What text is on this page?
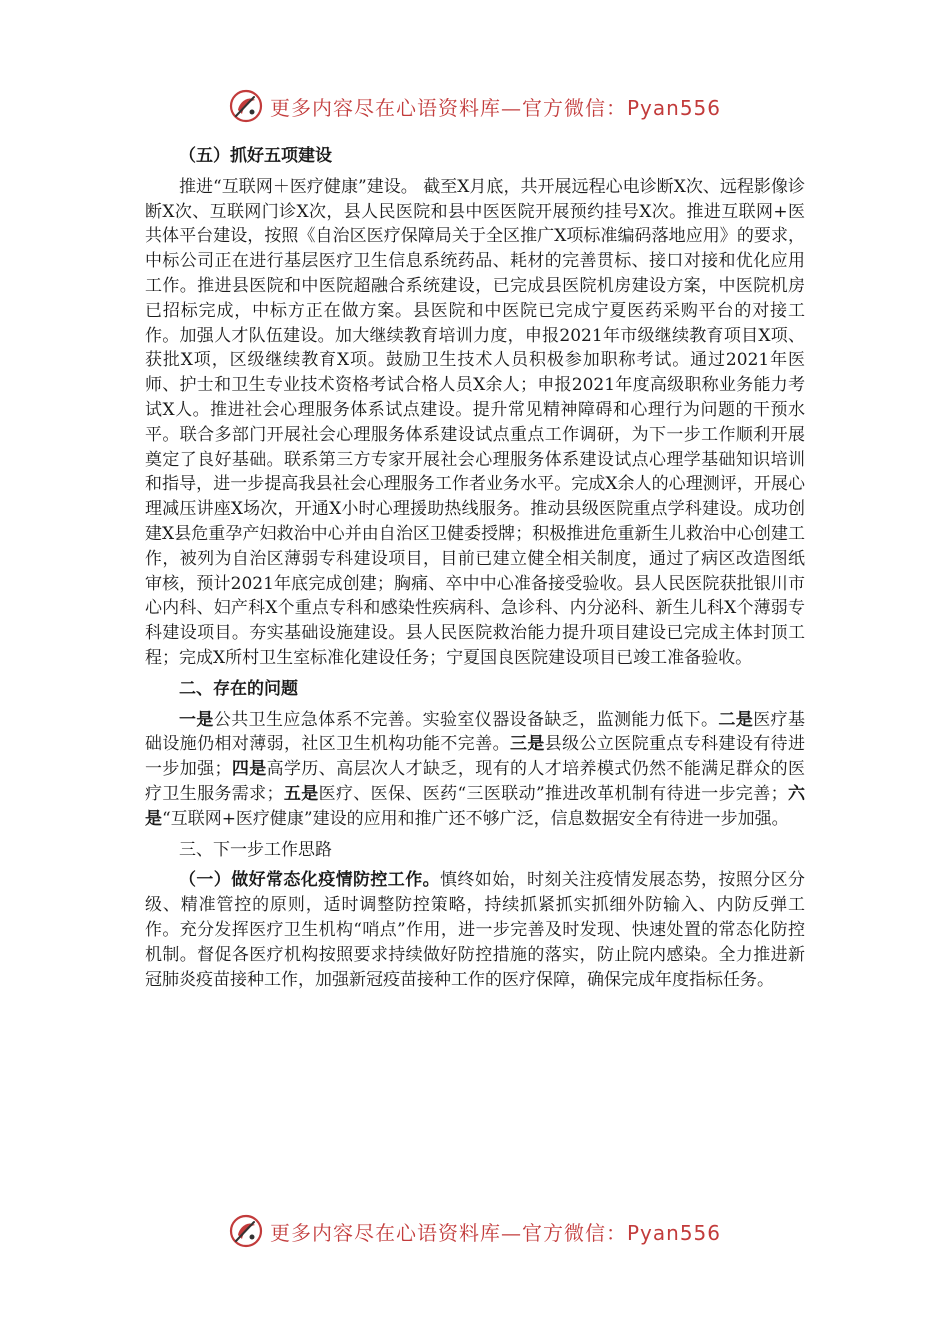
更多内容尽在心语资料库—官方微信：Pyan556

（五）抓好五项建设

推进“互联网＋医疗健康”建设。 截至X月底，共开展远程心电诊断X次、远程影像诊断X次、互联网门诊X次，县人民医院和县中医医院开展预约挂号X次。推进互联网+医共体平台建设，按照《自治区医疗保障局关于全区推广X项标准编码落地应用》的要求，中标公司正在进行基层医疗卫生信息系统药品、耗材的完善贯标、接口对接和优化应用工作。推进县医院和中医院超融合系统建设，已完成县医院机房建设方案，中医院机房已招标完成，中标方正在做方案。县医院和中医院已完成宁夏医药采购平台的对接工作。加强人才队伍建设。加大继续教育培训力度，申报2021年市级继续教育项目X项、获批X项，区级继续教育X项。鼓励卫生技术人员积极参加职称考试。通过2021年医师、护士和卫生专业技术资格考试合格人员X余人；申报2021年度高级职称业务能力考试X人。推进社会心理服务体系试点建设。提升常见精神障碍和心理行为问题的干预水平。联合多部门开展社会心理服务体系建设试点重点工作调研，为下一步工作顺利开展奠定了良好基础。联系第三方专家开展社会心理服务体系建设试点心理学基础知识培训和指导，进一步提高我县社会心理服务工作者业务水平。完成X余人的心理测评，开展心理减压讲座X场次，开通X小时心理援助热线服务。推动县级医院重点学科建设。成功创建X县危重孕产妇救治中心并由自治区卫健委授牌；积极推进危重新生儿救治中心创建工作，被列为自治区薄弱专科建设项目，目前已建立健全相关制度，通过了病区改造图纸审核，预计2021年底完成创建；胸痛、卒中中心准备接受验收。县人民医院获批银川市心内科、妇产科X个重点专科和感染性疾病科、急诊科、内分泌科、新生儿科X个薄弱专科建设项目。夯实基础设施建设。县人民医院救治能力提升项目建设已完成主体封顶工程；完成X所村卫生室标准化建设任务；宁夏国良医院建设项目已竣工准备验收。

二、存在的问题

一是公共卫生应急体系不完善。实验室仪器设备缺乏，监测能力低下。二是医疗基础设施仍相对薄弱，社区卫生机构功能不完善。三是县级公立医院重点专科建设有待进一步加强；四是高学历、高层次人才缺乏，现有的人才培养模式仍然不能满足群众的医疗卫生服务需求；五是医疗、医保、医药“三医联动”推进改革机制有待进一步完善；六是“互联网+医疗健康”建设的应用和推广还不够广泛，信息数据安全有待进一步加强。

三、下一步工作思路

（一）做好常态化疫情防控工作。慎终如始，时刻关注疫情发展态势，按照分区分级、精准管控的原则，适时调整防控策略，持续抓紧抓实抓细外防输入、内防反弹工作。充分发挥医疗卫生机构“哨点”作用，进一步完善及时发现、快速处置的常态化防控机制。督促各医疗机构按照要求持续做好防控措施的落实，防止院内感染。全力推进新冠肺炎疫苗接种工作，加强新冠疫苗接种工作的医疗保障，确保完成年度指标任务。

更多内容尽在心语资料库—官方微信：Pyan556
